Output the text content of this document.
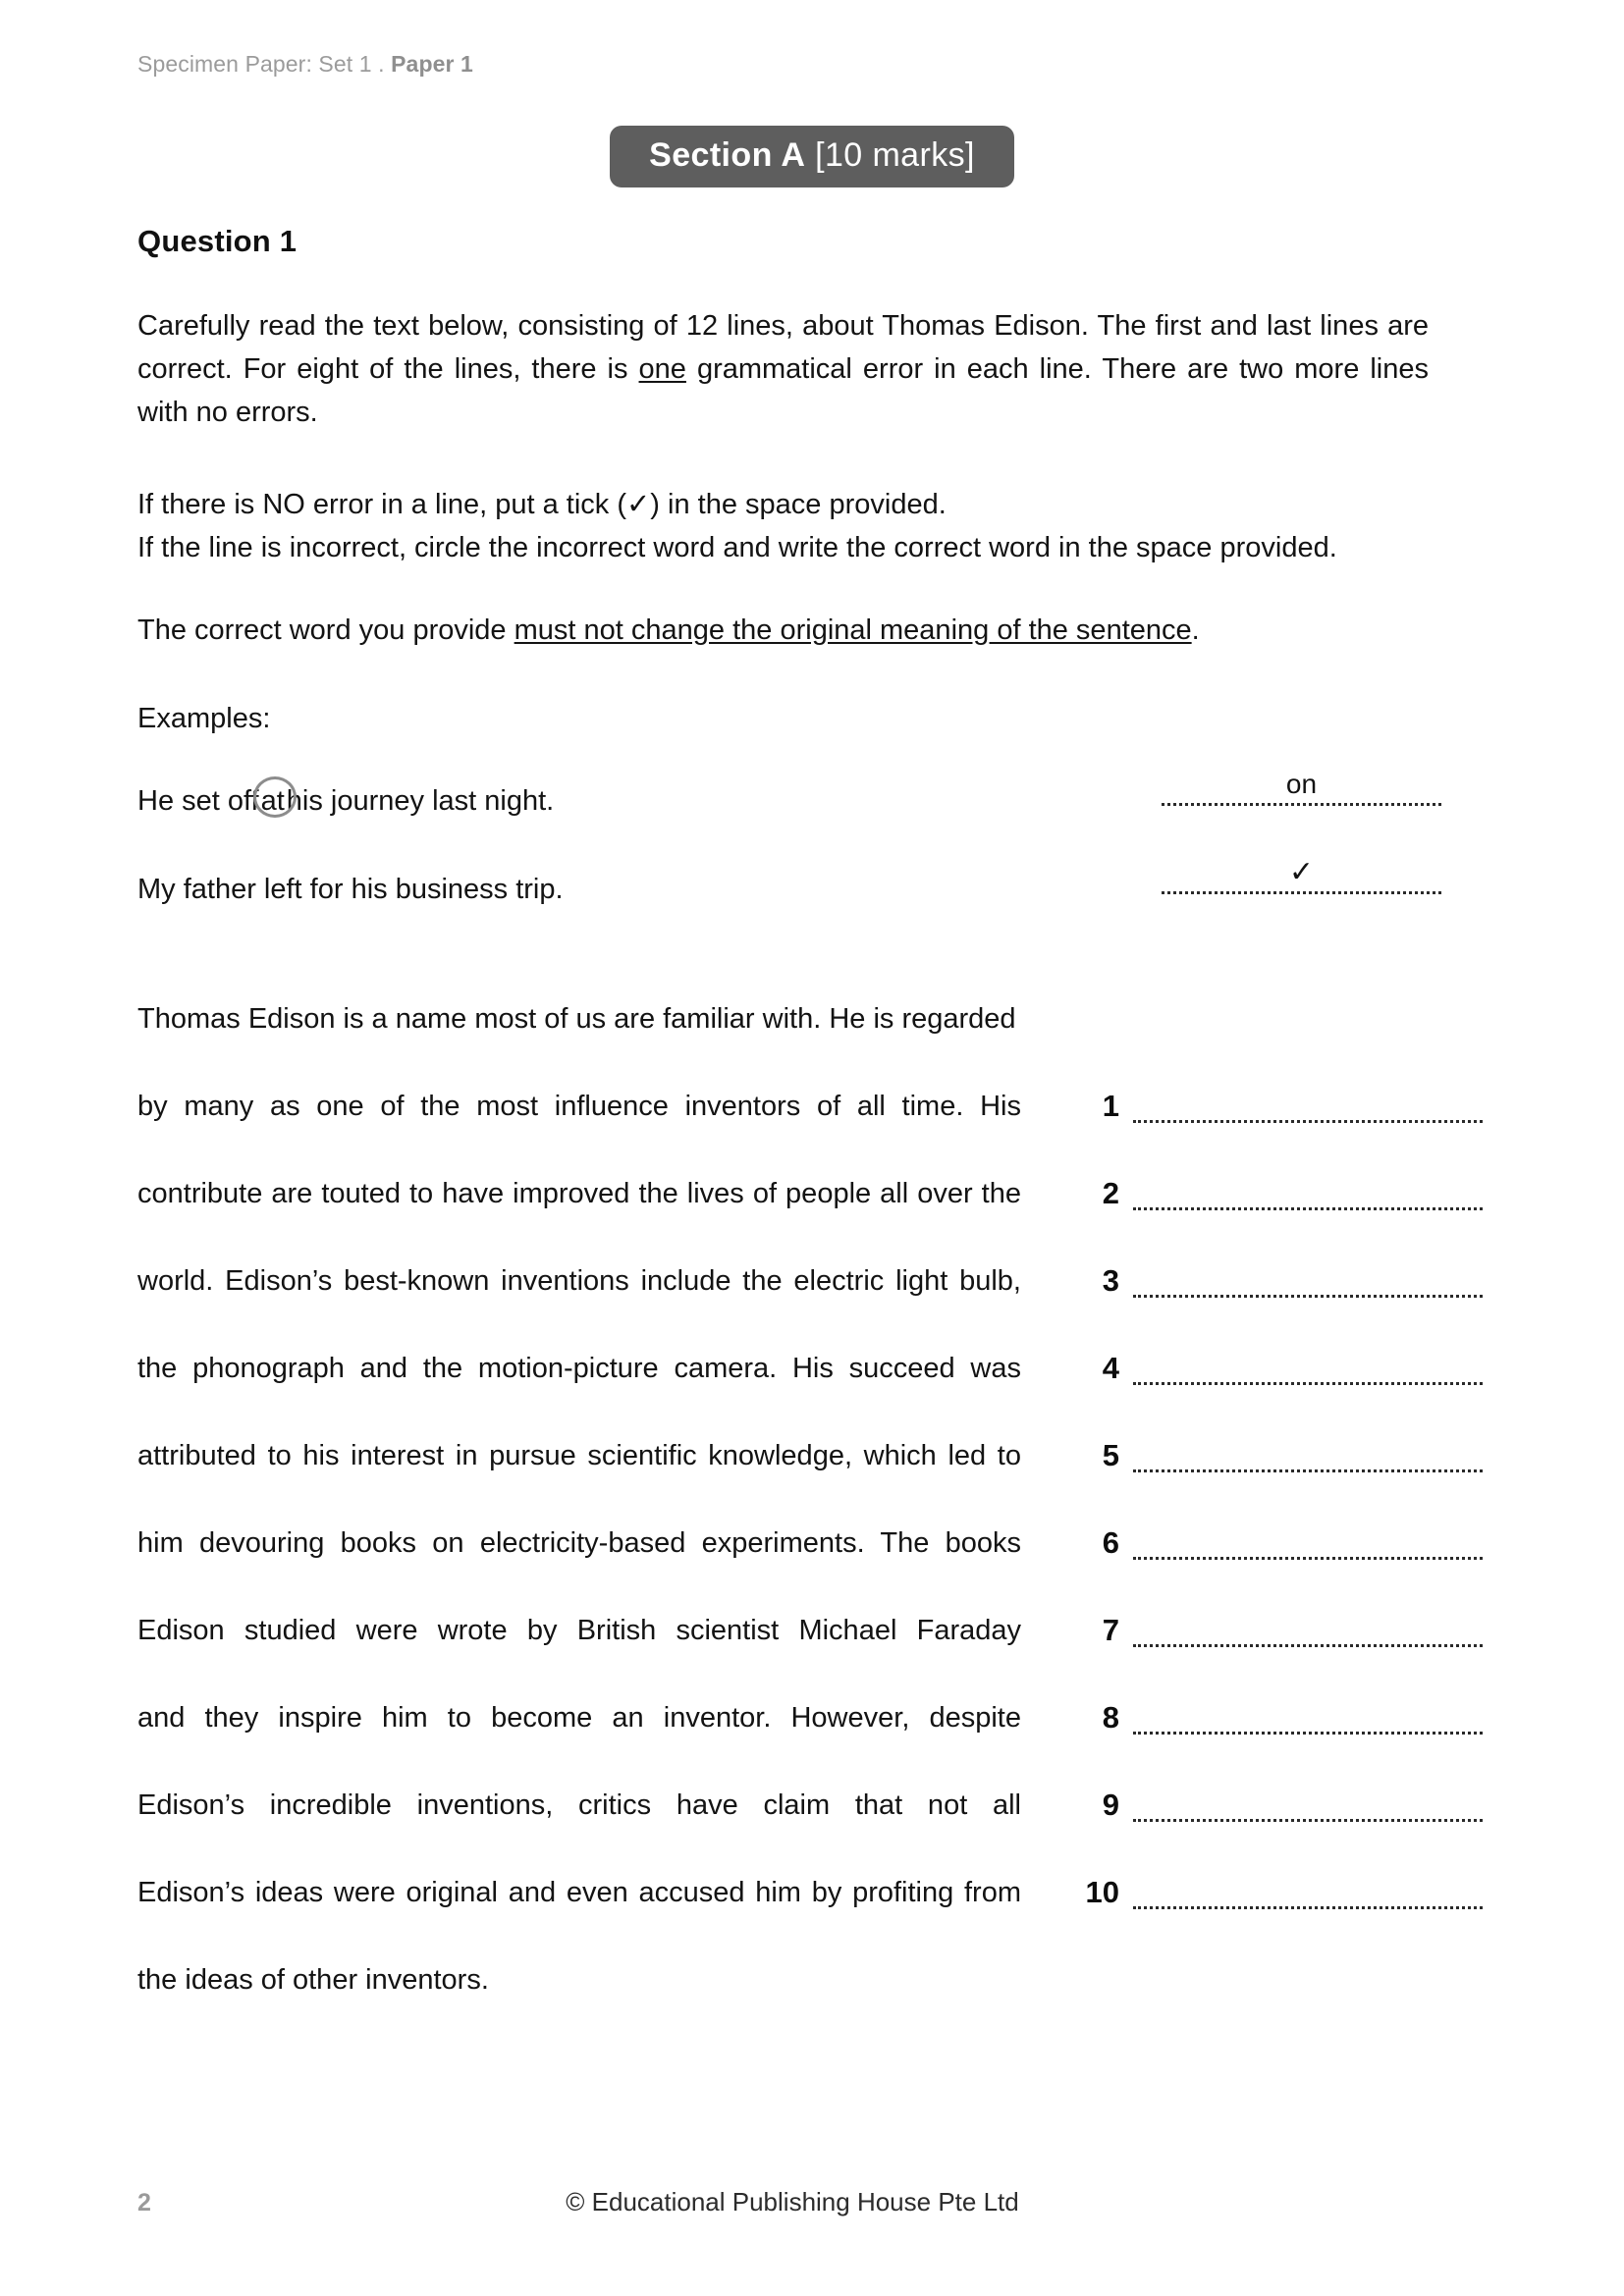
Specimen Paper: Set 1 . Paper 1
Section A [10 marks]
Question 1
Carefully read the text below, consisting of 12 lines, about Thomas Edison. The first and last lines are correct. For eight of the lines, there is one grammatical error in each line. There are two more lines with no errors.
If there is NO error in a line, put a tick (✓) in the space provided.
If the line is incorrect, circle the incorrect word and write the correct word in the space provided.
The correct word you provide must not change the original meaning of the sentence.
Examples:
He set off
athis journey last night.
on
My father left for his business trip.
✓
Thomas Edison is a name most of us are familiar with. He is regarded
by many as one of the most influence inventors of all time. His
contribute are touted to have improved the lives of people all over the
world. Edison’s best-known inventions include the electric light bulb,
the phonograph and the motion-picture camera. His succeed was
attributed to his interest in pursue scientific knowledge, which led to
him devouring books on electricity-based experiments. The books
Edison studied were wrote by British scientist Michael Faraday
and they inspire him to become an inventor. However, despite
Edison’s incredible inventions, critics have claim that not all
Edison’s ideas were original and even accused him by profiting from
the ideas of other inventors.
1
2
3
4
5
6
7
8
9
10
2	© Educational Publishing House Pte Ltd
